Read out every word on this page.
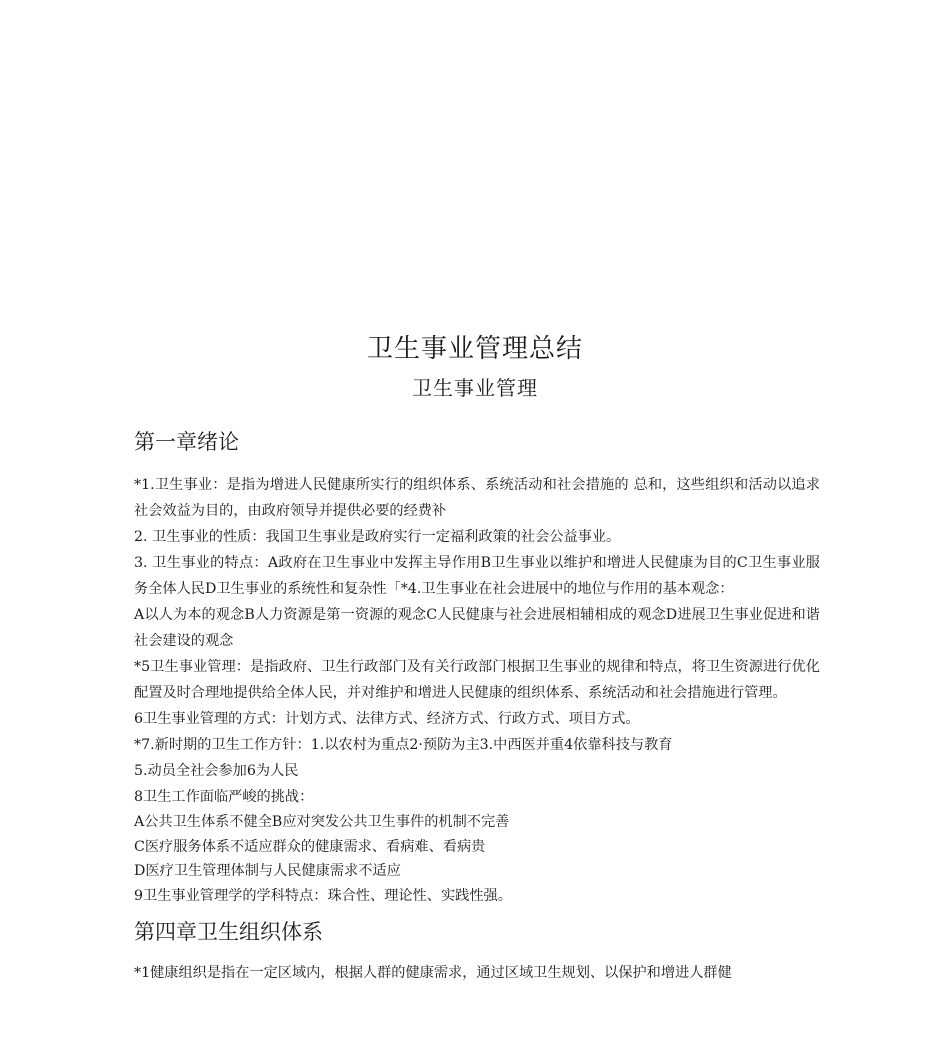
卫生事业管理总结
卫生事业管理
第一章绪论

*1.卫生事业：是指为增进人民健康所实行的组织体系、系统活动和社会措施的 总和，这些组织和活动以追求社会效益为目的，由政府领导并提供必要的经费补

2. 卫生事业的性质：我国卫生事业是政府实行一定福利政策的社会公益事业。

3. 卫生事业的特点：A政府在卫生事业中发挥主导作用B卫生事业以维护和增进人民健康为目的C卫生事业服务全体人民D卫生事业的系统性和复杂性「*4.卫生事业在社会进展中的地位与作用的基本观念：

A以人为本的观念B人力资源是第一资源的观念C人民健康与社会进展相辅相成的观念D进展卫生事业促进和谐社会建设的观念

*5卫生事业管理：是指政府、卫生行政部门及有关行政部门根据卫生事业的规律和特点，将卫生资源进行优化配置及时合理地提供给全体人民，并对维护和增进人民健康的组织体系、系统活动和社会措施进行管理。

6卫生事业管理的方式：计划方式、法律方式、经济方式、行政方式、项目方式。

*7.新时期的卫生工作方针：1.以农村为重点2·预防为主3.中西医并重4依靠科技与教育

5.动员全社会参加6为人民

8卫生工作面临严峻的挑战：

A公共卫生体系不健全B应对突发公共卫生事件的机制不完善

C医疗服务体系不适应群众的健康需求、看病难、看病贵

D医疗卫生管理体制与人民健康需求不适应

9卫生事业管理学的学科特点：珠合性、理论性、实践性强。

第四章卫生组织体系

*1健康组织是指在一定区域内，根据人群的健康需求，通过区域卫生规划、以保护和增进人群健
